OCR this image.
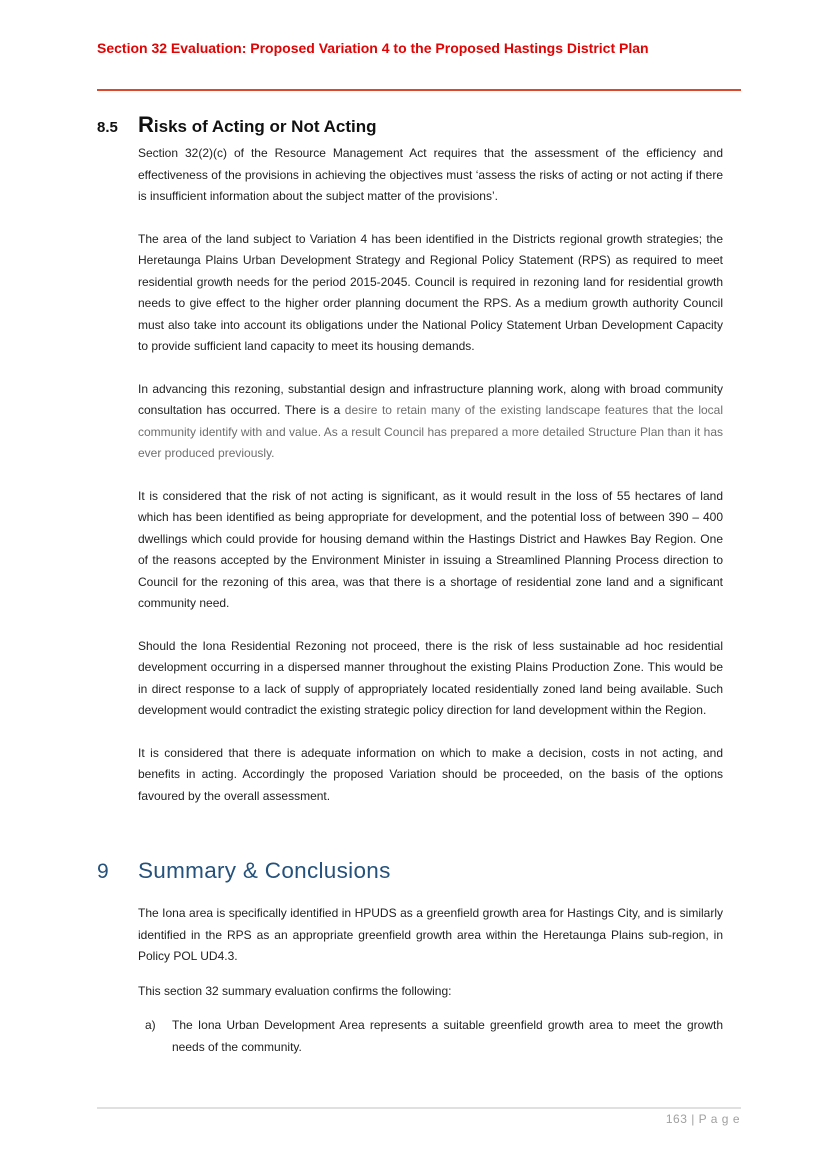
Section 32 Evaluation: Proposed Variation 4 to the Proposed Hastings District Plan
8.5 Risks of Acting or Not Acting

Section 32(2)(c) of the Resource Management Act requires that the assessment of the efficiency and effectiveness of the provisions in achieving the objectives must ‘assess the risks of acting or not acting if there is insufficient information about the subject matter of the provisions’.

The area of the land subject to Variation 4 has been identified in the Districts regional growth strategies; the Heretaunga Plains Urban Development Strategy and Regional Policy Statement (RPS) as required to meet residential growth needs for the period 2015-2045. Council is required in rezoning land for residential growth needs to give effect to the higher order planning document the RPS. As a medium growth authority Council must also take into account its obligations under the National Policy Statement Urban Development Capacity to provide sufficient land capacity to meet its housing demands.

In advancing this rezoning, substantial design and infrastructure planning work, along with broad community consultation has occurred. There is a desire to retain many of the existing landscape features that the local community identify with and value. As a result Council has prepared a more detailed Structure Plan than it has ever produced previously.

It is considered that the risk of not acting is significant, as it would result in the loss of 55 hectares of land which has been identified as being appropriate for development, and the potential loss of between 390 – 400 dwellings which could provide for housing demand within the Hastings District and Hawkes Bay Region. One of the reasons accepted by the Environment Minister in issuing a Streamlined Planning Process direction to Council for the rezoning of this area, was that there is a shortage of residential zone land and a significant community need.

Should the Iona Residential Rezoning not proceed, there is the risk of less sustainable ad hoc residential development occurring in a dispersed manner throughout the existing Plains Production Zone. This would be in direct response to a lack of supply of appropriately located residentially zoned land being available. Such development would contradict the existing strategic policy direction for land development within the Region.

It is considered that there is adequate information on which to make a decision, costs in not acting, and benefits in acting. Accordingly the proposed Variation should be proceeded, on the basis of the options favoured by the overall assessment.

9	Summary & Conclusions

The Iona area is specifically identified in HPUDS as a greenfield growth area for Hastings City, and is similarly identified in the RPS as an appropriate greenfield growth area within the Heretaunga Plains sub-region, in Policy POL UD4.3.

This section 32 summary evaluation confirms the following:

a)	The Iona Urban Development Area represents a suitable greenfield growth area to meet the growth needs of the community.
163 | P a g e
